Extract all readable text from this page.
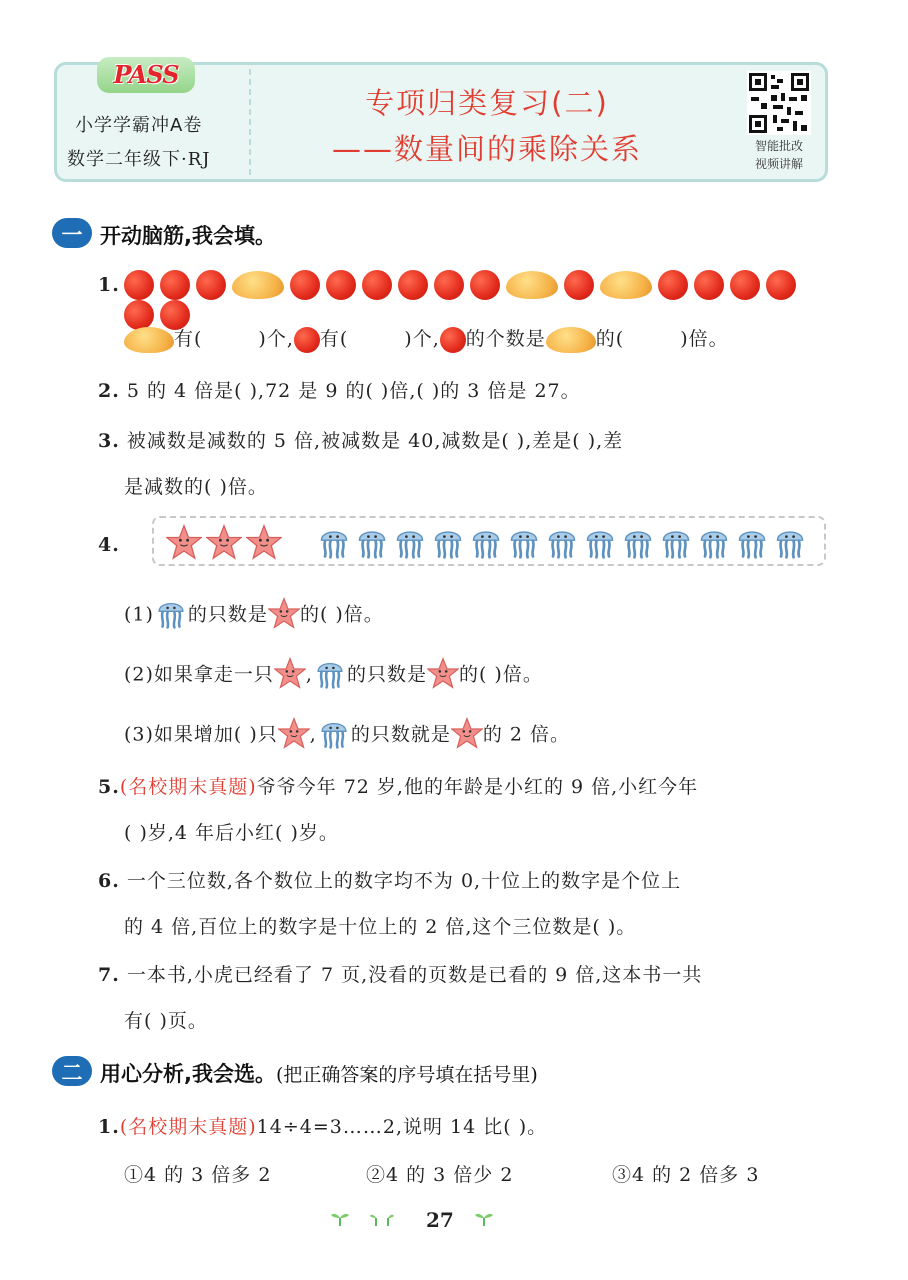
PASS
小学学霸冲A卷
数学二年级下·RJ
专项归类复习(二)
——数量间的乘除关系	智能批改
视频讲解
一 开动脑筋,我会填。
1.
有(	)个, 有(	)个, 的个数是	的(	)倍。
2. 5 的 4 倍是( ),72 是 9 的( )倍,( )的 3 倍是 27。
3. 被减数是减数的 5 倍,被减数是 40,减数是( ),差是( ),差
是减数的( )倍。
4.
(1) 的只数是 的( )倍。
(2)如果拿走一只 , 的只数是 的( )倍。
(3)如果增加( )只 , 的只数就是 的 2 倍。
5.(名校期末真题)爷爷今年 72 岁,他的年龄是小红的 9 倍,小红今年
( )岁,4 年后小红( )岁。
6. 一个三位数,各个数位上的数字均不为 0,十位上的数字是个位上
的 4 倍,百位上的数字是十位上的 2 倍,这个三位数是( )。
7. 一本书,小虎已经看了 7 页,没看的页数是已看的 9 倍,这本书一共
有( )页。
二 用心分析,我会选。(把正确答案的序号填在括号里)
1.(名校期末真题)14÷4=3……2,说明 14 比( )。
①4 的 3 倍多 2	②4 的 3 倍少 2	③4 的 2 倍多 3
27
